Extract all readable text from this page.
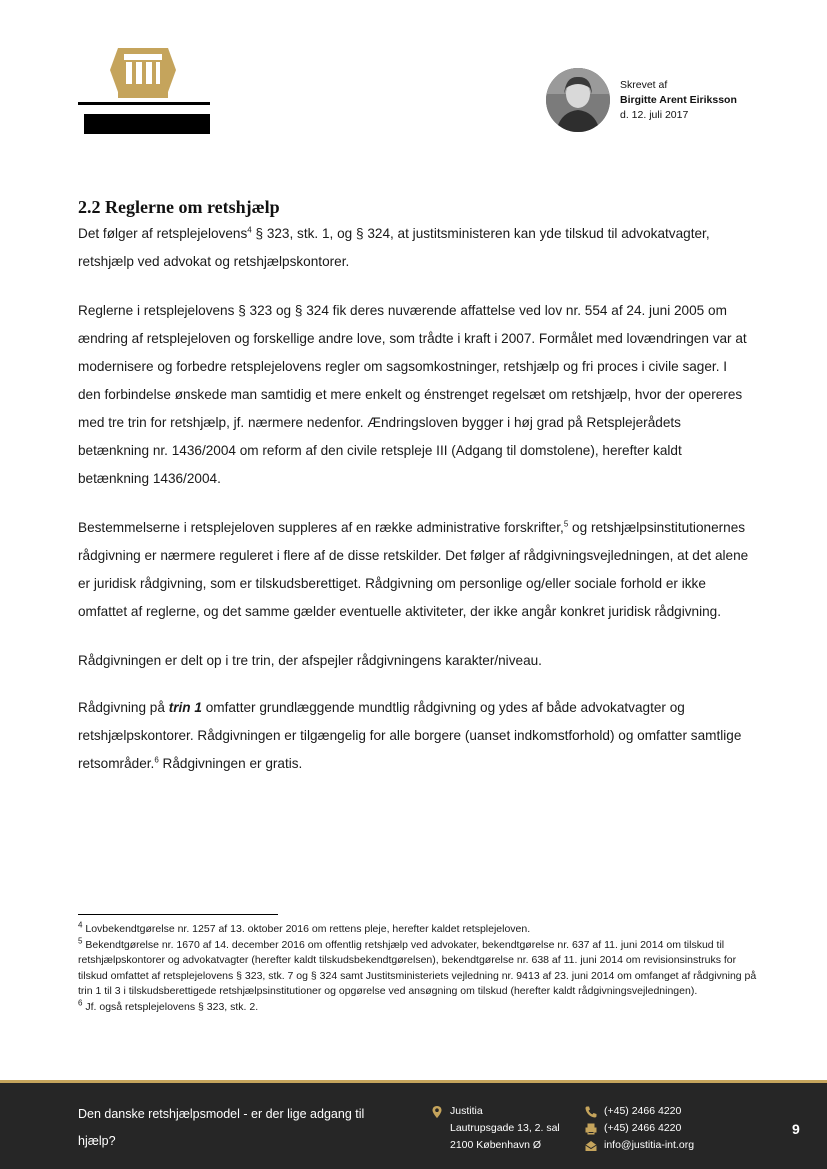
Skrevet af
Birgitte Arent Eiriksson
d. 12. juli 2017
2.2 Reglerne om retshjælp

Det følger af retsplejelovens$^4$ § 323, stk. 1, og § 324, at justitsministeren kan yde tilskud til advokatvagter, retshjælp ved advokat og retshjælpskontorer.

Reglerne i retsplejelovens § 323 og § 324 fik deres nuværende affattelse ved lov nr. 554 af 24. juni 2005 om ændring af retsplejeloven og forskellige andre love, som trådte i kraft i 2007. Formålet med lovændringen var at modernisere og forbedre retsplejelovens regler om sagsomkostninger, retshjælp og fri proces i civile sager. I den forbindelse ønskede man samtidig et mere enkelt og énstrenget regelsæt om retshjælp, hvor der opereres med tre trin for retshjælp, jf. nærmere nedenfor. Ændringsloven bygger i høj grad på Retsplejerådets betænkning nr. 1436/2004 om reform af den civile retspleje III (Adgang til domstolene), herefter kaldt betænkning 1436/2004.

Bestemmelserne i retsplejeloven suppleres af en række administrative forskrifter,$^5$ og retshjælpsinstitutionernes rådgivning er nærmere reguleret i flere af de disse retskilder. Det følger af rådgivningsvejledningen, at det alene er juridisk rådgivning, som er tilskudsberettiget. Rådgivning om personlige og/eller sociale forhold er ikke omfattet af reglerne, og det samme gælder eventuelle aktiviteter, der ikke angår konkret juridisk rådgivning.

Rådgivningen er delt op i tre trin, der afspejler rådgivningens karakter/niveau.

Rådgivning på trin 1 omfatter grundlæggende mundtlig rådgivning og ydes af både advokatvagter og retshjælpskontorer. Rådgivningen er tilgængelig for alle borgere (uanset indkomstforhold) og omfatter samtlige retsområder.$^6$ Rådgivningen er gratis.

$^4$ Lovbekendtgørelse nr. 1257 af 13. oktober 2016 om rettens pleje, herefter kaldet retsplejeloven.
$^5$ Bekendtgørelse nr. 1670 af 14. december 2016 om offentlig retshjælp ved advokater, bekendtgørelse nr. 637 af 11. juni 2014 om tilskud til retshjælpskontorer og advokatvagter (herefter kaldt tilskudsbekendtgørelsen), bekendtgørelse nr. 638 af 11. juni 2014 om revisionsinstruks for tilskud omfattet af retsplejelovens § 323, stk. 7 og § 324 samt Justitsministeriets vejledning nr. 9413 af 23. juni 2014 om omfanget af rådgivning på trin 1 til 3 i tilskudsberettigede retshjælpsinstitutioner og opgørelse ved ansøgning om tilskud (herefter kaldt rådgivningsvejledningen).
$^6$ Jf. også retsplejelovens § 323, stk. 2.
Den danske retshjælpsmodel - er der lige adgang til hjælp?
Justitia
Lautrupsgade 13, 2. sal
2100 København Ø
(+45) 2466 4220
(+45) 2466 4220
info@justitia-int.org
9
